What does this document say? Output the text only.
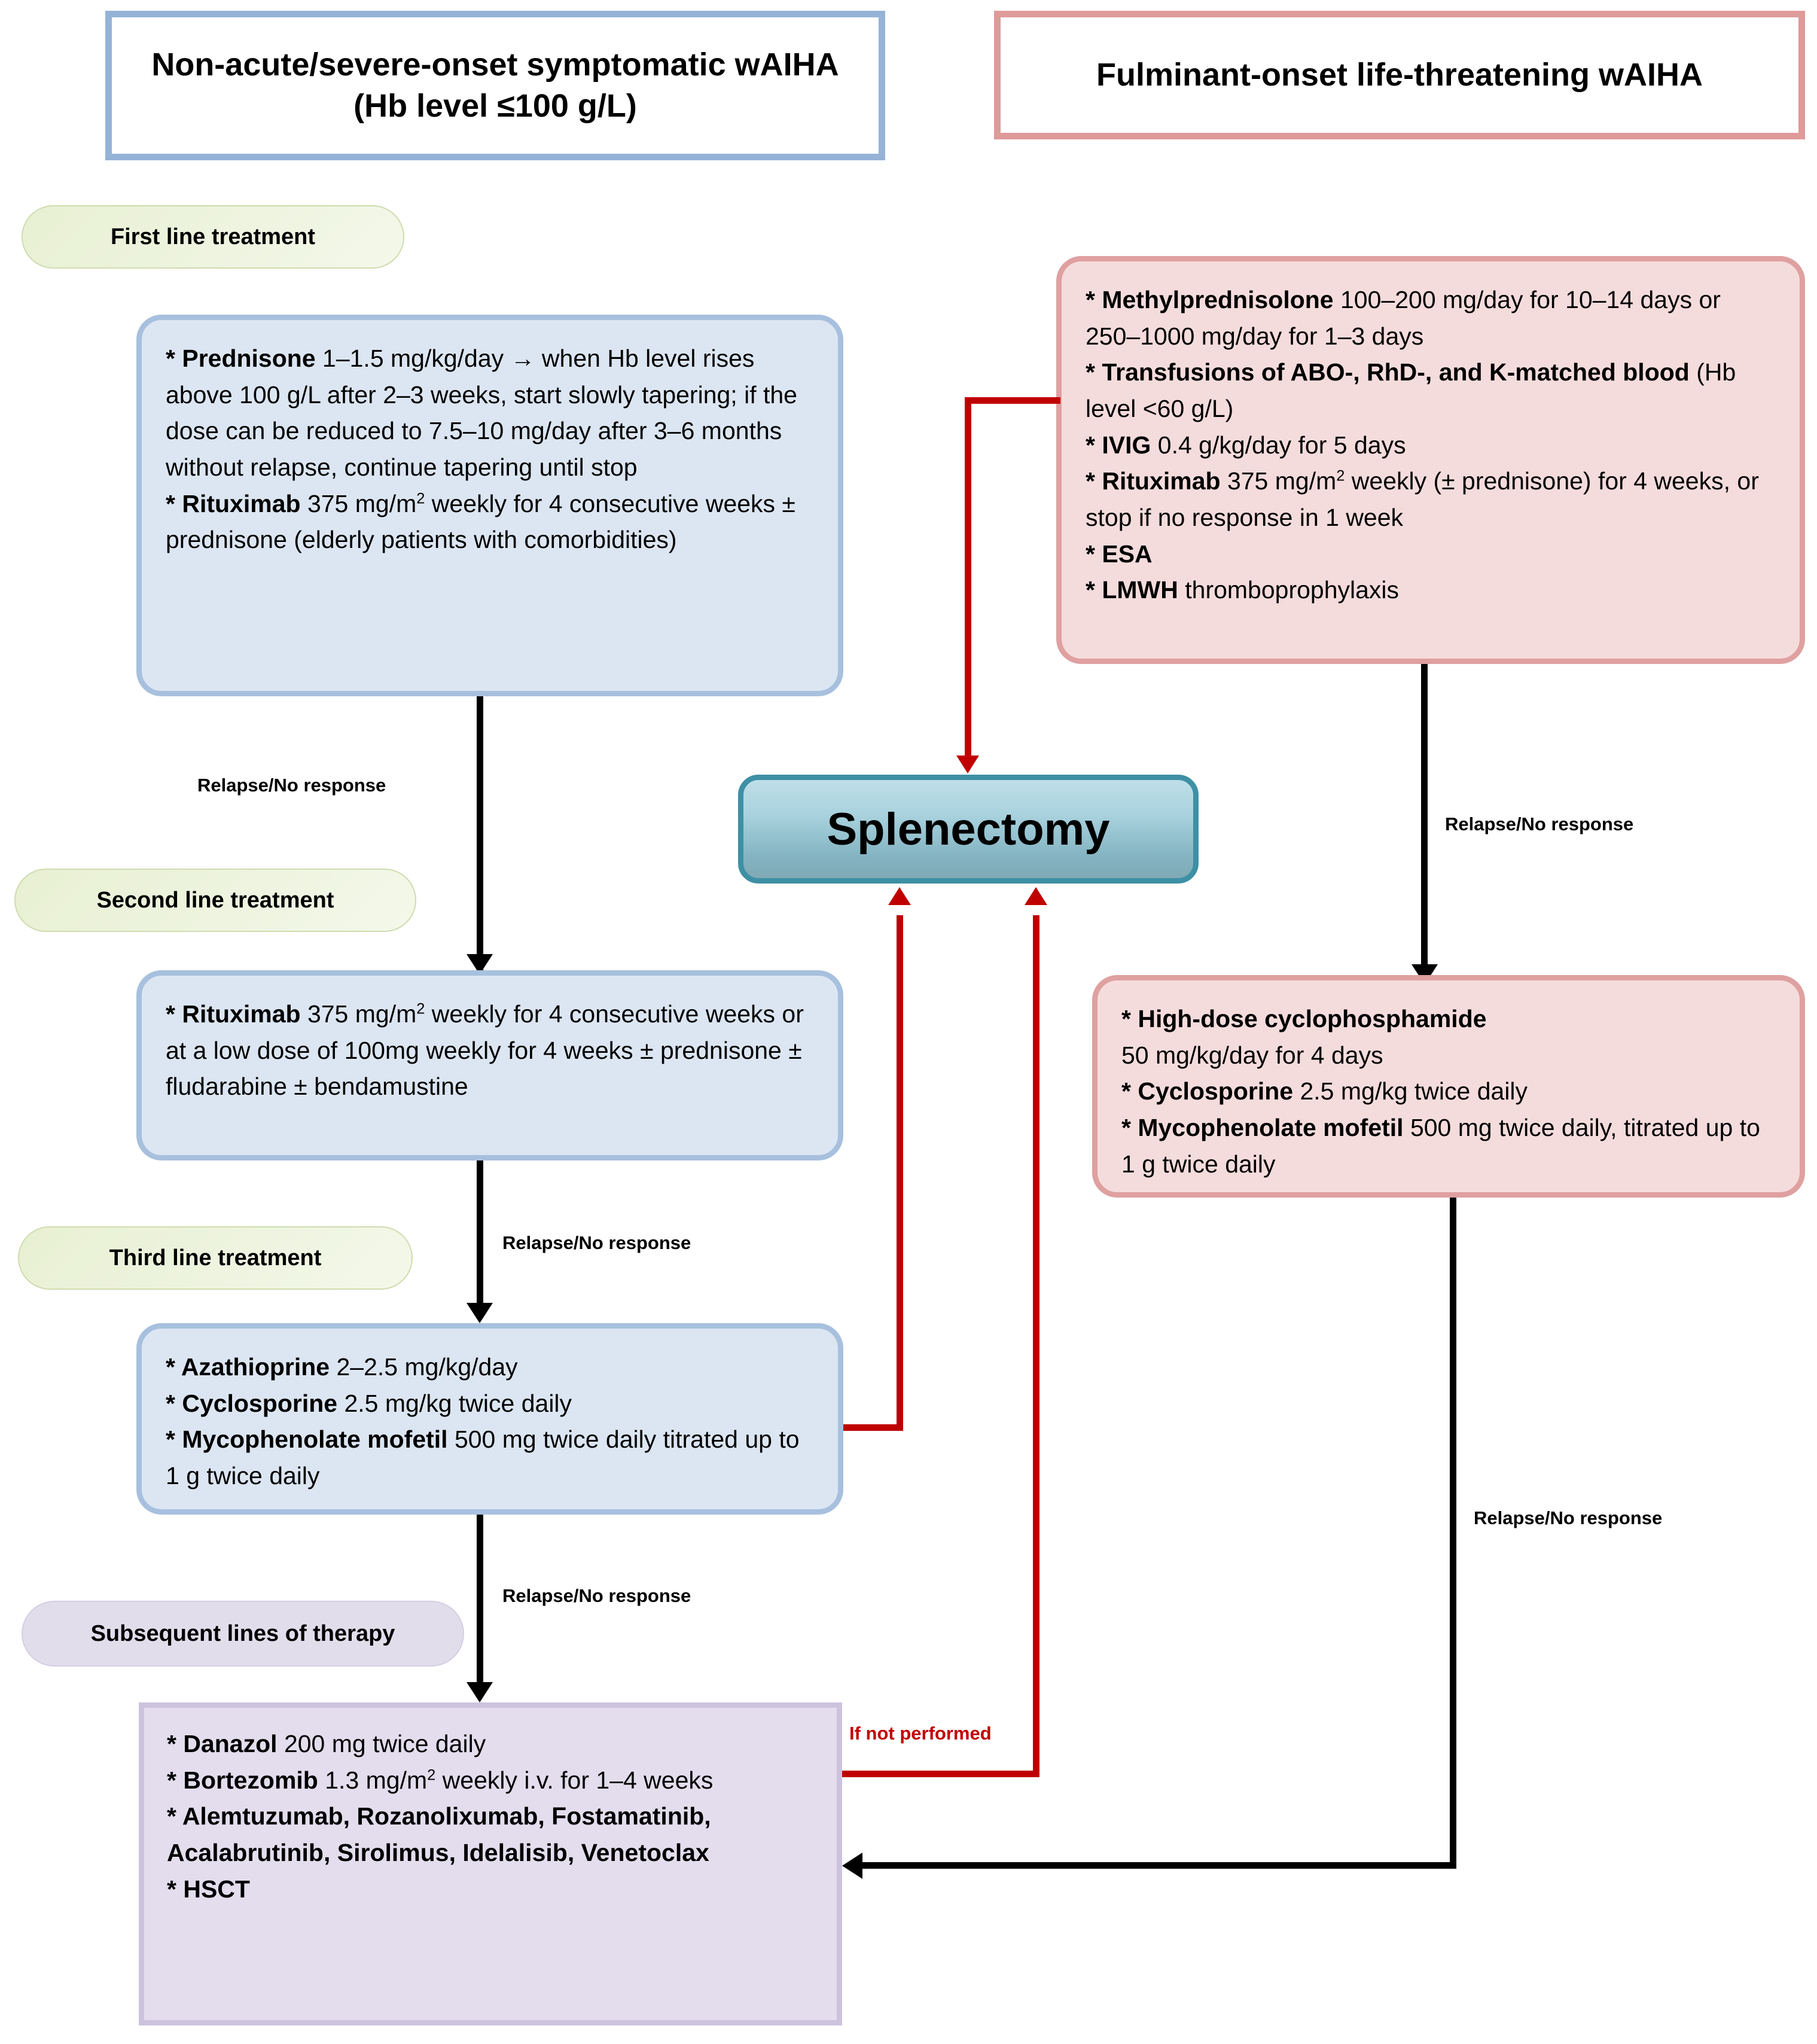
Non-acute/severe-onset symptomatic wAIHA (Hb level ≤100 g/L)
Fulminant-onset life-threatening wAIHA
First line treatment
Second line treatment
Third line treatment
Subsequent lines of therapy

* Prednisone 1–1.5 mg/kg/day → when Hb level rises above 100 g/L after 2–3 weeks, start slowly tapering; if the dose can be reduced to 7.5–10 mg/day after 3–6 months without relapse, continue tapering until stop

* Rituximab 375 $mg/m^2$ weekly for 4 consecutive weeks ± prednisone (elderly patients with comorbidities)

Relapse/No response

* Rituximab 375 $mg/m^2$ weekly for 4 consecutive weeks or at a low dose of 100mg weekly for 4 weeks ± prednisone ± fludarabine ± bendamustine

Relapse/No response

* Azathioprine 2–2.5 mg/kg/day

* Cyclosporine 2.5 mg/kg twice daily

* Mycophenolate mofetil 500 mg twice daily titrated up to 1 g twice daily

Relapse/No response

* Danazol 200 mg twice daily

* Bortezomib 1.3 $mg/m^2$ weekly i.v. for 1–4 weeks

* Alemtuzumab, Rozanolixumab, Fostamatinib, Acalabrutinib, Sirolimus, Idelalisib, Venetoclax

* HSCT

* Methylprednisolone 100–200 mg/day for 10–14 days or 250–1000 mg/day for 1–3 days

* Transfusions of ABO-, RhD-, and K-matched blood (Hb level <60 g/L)

* IVIG 0.4 g/kg/day for 5 days

* Rituximab 375 $mg/m^2$ weekly (± prednisone) for 4 weeks, or stop if no response in 1 week

* ESA

* LMWH thromboprophylaxis

Relapse/No response

* High-dose cyclophosphamide
50 mg/kg/day for 4 days

* Cyclosporine 2.5 mg/kg twice daily

* Mycophenolate mofetil 500 mg twice daily, titrated up to 1 g twice daily

Relapse/No response
Splenectomy
If not performed
